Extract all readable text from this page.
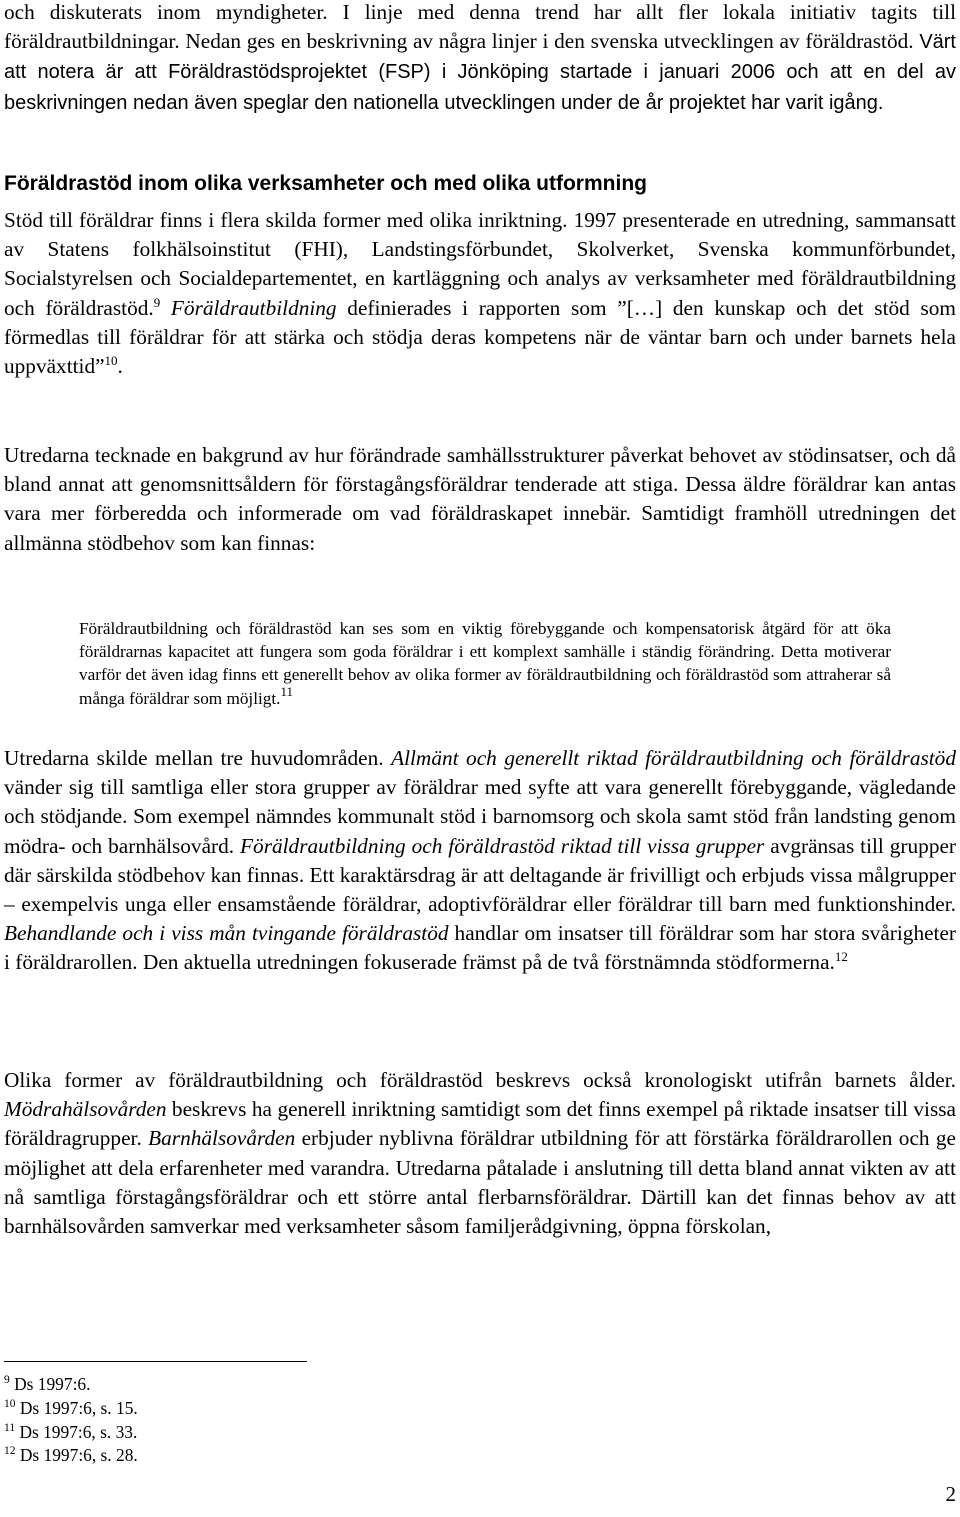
och diskuterats inom myndigheter. I linje med denna trend har allt fler lokala initiativ tagits till föräldrautbildningar. Nedan ges en beskrivning av några linjer i den svenska utvecklingen av föräldrastöd. Värt att notera är att Föräldrastödsprojektet (FSP) i Jönköping startade i januari 2006 och att en del av beskrivningen nedan även speglar den nationella utvecklingen under de år projektet har varit igång.

Föräldrastöd inom olika verksamheter och med olika utformning

Stöd till föräldrar finns i flera skilda former med olika inriktning. 1997 presenterade en utredning, sammansatt av Statens folkhälsoinstitut (FHI), Landstingsförbundet, Skolverket, Svenska kommunförbundet, Socialstyrelsen och Socialdepartementet, en kartläggning och analys av verksamheter med föräldrautbildning och föräldrastöd.$^9$ Föräldrautbildning definierades i rapporten som ”[…] den kunskap och det stöd som förmedlas till föräldrar för att stärka och stödja deras kompetens när de väntar barn och under barnets hela uppväxttid”$^{10}$.

Utredarna tecknade en bakgrund av hur förändrade samhällsstrukturer påverkat behovet av stödinsatser, och då bland annat att genomsnittsåldern för förstagångsföräldrar tenderade att stiga. Dessa äldre föräldrar kan antas vara mer förberedda och informerade om vad föräldraskapet innebär. Samtidigt framhöll utredningen det allmänna stödbehov som kan finnas:

Föräldrautbildning och föräldrastöd kan ses som en viktig förebyggande och kompensatorisk åtgärd för att öka föräldrarnas kapacitet att fungera som goda föräldrar i ett komplext samhälle i ständig förändring. Detta motiverar varför det även idag finns ett generellt behov av olika former av föräldrautbildning och föräldrastöd som attraherar så många föräldrar som möjligt.$^{11}$

Utredarna skilde mellan tre huvudområden. Allmänt och generellt riktad föräldrautbildning och föräldrastöd vänder sig till samtliga eller stora grupper av föräldrar med syfte att vara generellt förebyggande, vägledande och stödjande. Som exempel nämndes kommunalt stöd i barnomsorg och skola samt stöd från landsting genom mödra- och barnhälsovård. Föräldrautbildning och föräldrastöd riktad till vissa grupper avgränsas till grupper där särskilda stödbehov kan finnas. Ett karaktärsdrag är att deltagande är frivilligt och erbjuds vissa målgrupper – exempelvis unga eller ensamstående föräldrar, adoptivföräldrar eller föräldrar till barn med funktionshinder. Behandlande och i viss mån tvingande föräldrastöd handlar om insatser till föräldrar som har stora svårigheter i föräldrarollen. Den aktuella utredningen fokuserade främst på de två förstnämnda stödformerna.$^{12}$

Olika former av föräldrautbildning och föräldrastöd beskrevs också kronologiskt utifrån barnets ålder. Mödrahälsovården beskrevs ha generell inriktning samtidigt som det finns exempel på riktade insatser till vissa föräldragrupper. Barnhälsovården erbjuder nyblivna föräldrar utbildning för att förstärka föräldrarollen och ge möjlighet att dela erfarenheter med varandra. Utredarna påtalade i anslutning till detta bland annat vikten av att nå samtliga förstagångsföräldrar och ett större antal flerbarnsföräldrar. Därtill kan det finnas behov av att barnhälsovården samverkar med verksamheter såsom familjerådgivning, öppna förskolan,

$^9$ Ds 1997:6.
$^{10}$ Ds 1997:6, s. 15.
$^{11}$ Ds 1997:6, s. 33.
$^{12}$ Ds 1997:6, s. 28.
2
